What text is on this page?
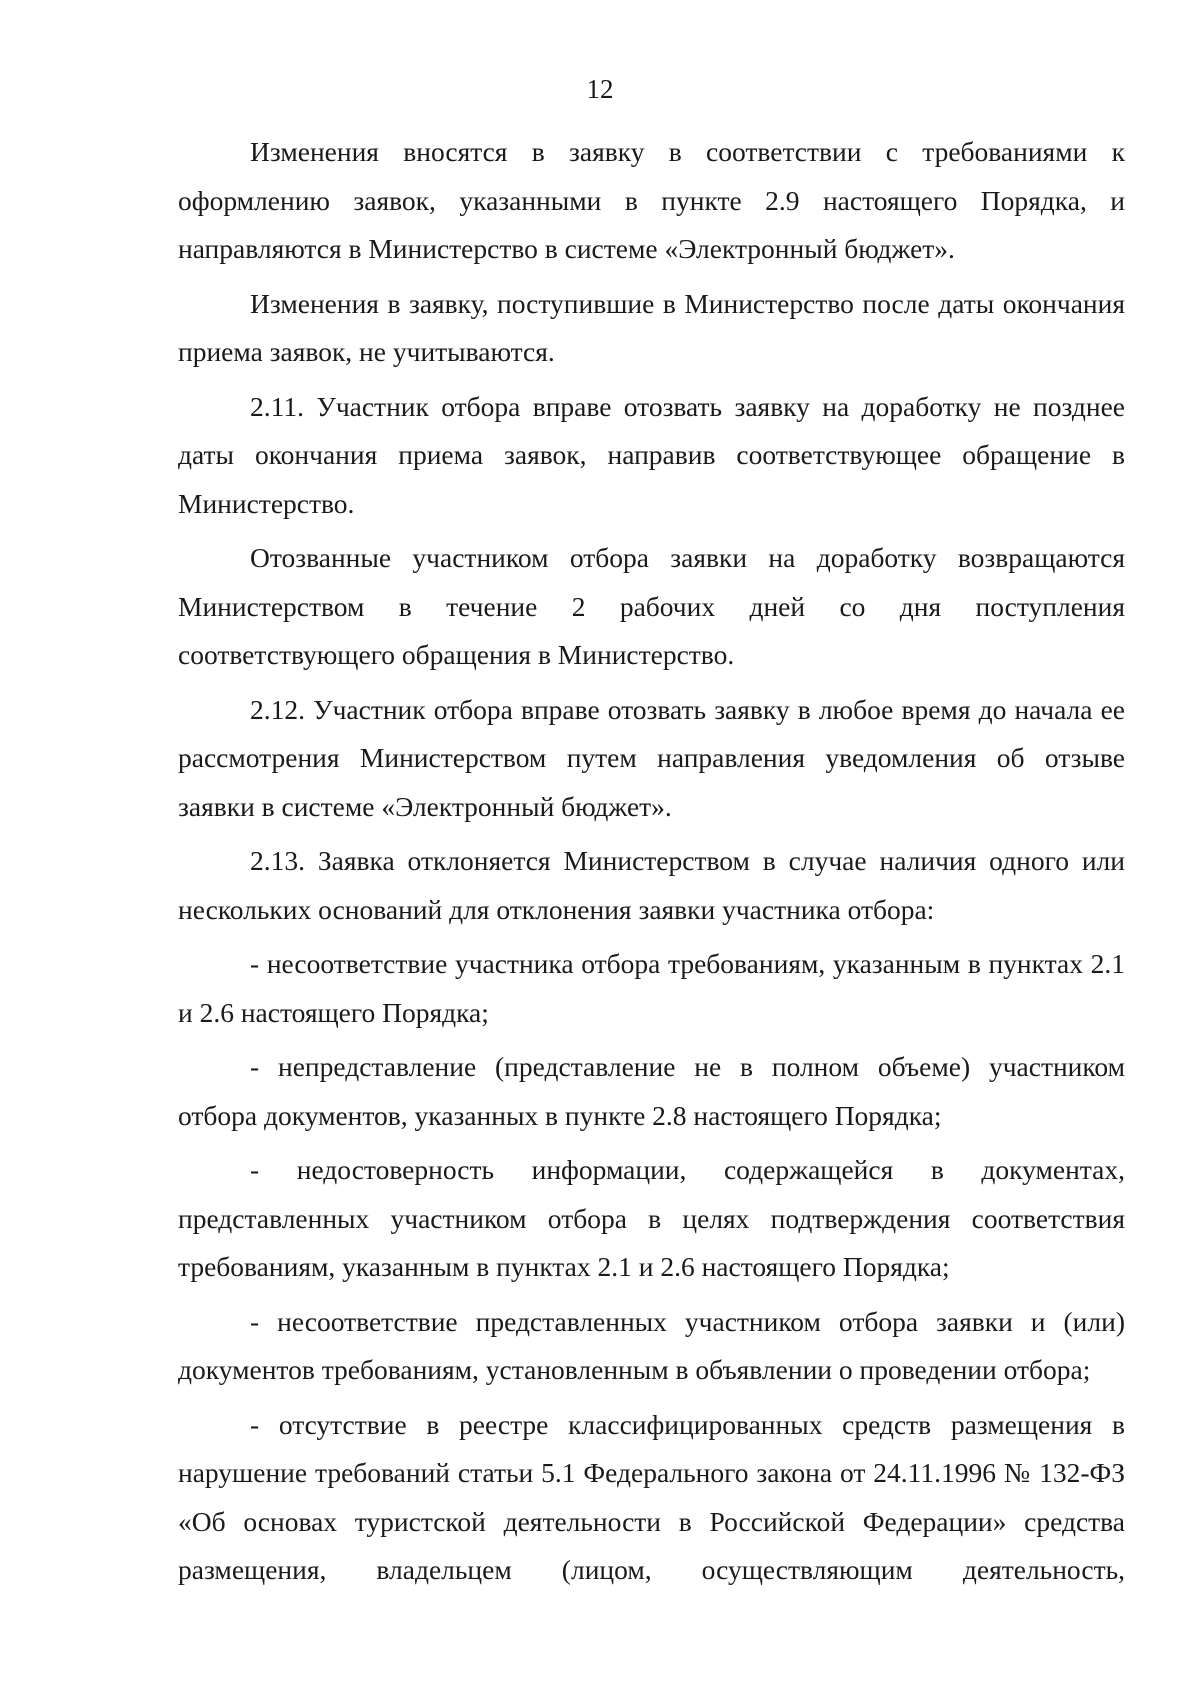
12

Изменения вносятся в заявку в соответствии с требованиями к оформлению заявок, указанными в пункте 2.9 настоящего Порядка, и направляются в Министерство в системе «Электронный бюджет».

Изменения в заявку, поступившие в Министерство после даты окончания приема заявок, не учитываются.

2.11. Участник отбора вправе отозвать заявку на доработку не позднее даты окончания приема заявок, направив соответствующее обращение в Министерство.

Отозванные участником отбора заявки на доработку возвращаются Министерством в течение 2 рабочих дней со дня поступления соответствующего обращения в Министерство.

2.12. Участник отбора вправе отозвать заявку в любое время до начала ее рассмотрения Министерством путем направления уведомления об отзыве заявки в системе «Электронный бюджет».

2.13. Заявка отклоняется Министерством в случае наличия одного или нескольких оснований для отклонения заявки участника отбора:

- несоответствие участника отбора требованиям, указанным в пунктах 2.1 и 2.6 настоящего Порядка;

- непредставление (представление не в полном объеме) участником отбора документов, указанных в пункте 2.8 настоящего Порядка;

- недостоверность информации, содержащейся в документах, представленных участником отбора в целях подтверждения соответствия требованиям, указанным в пунктах 2.1 и 2.6 настоящего Порядка;

- несоответствие представленных участником отбора заявки и (или) документов требованиям, установленным в объявлении о проведении отбора;

- отсутствие в реестре классифицированных средств размещения в нарушение требований статьи 5.1 Федерального закона от 24.11.1996 № 132-ФЗ «Об основах туристской деятельности в Российской Федерации» средства размещения, владельцем (лицом, осуществляющим деятельность,
